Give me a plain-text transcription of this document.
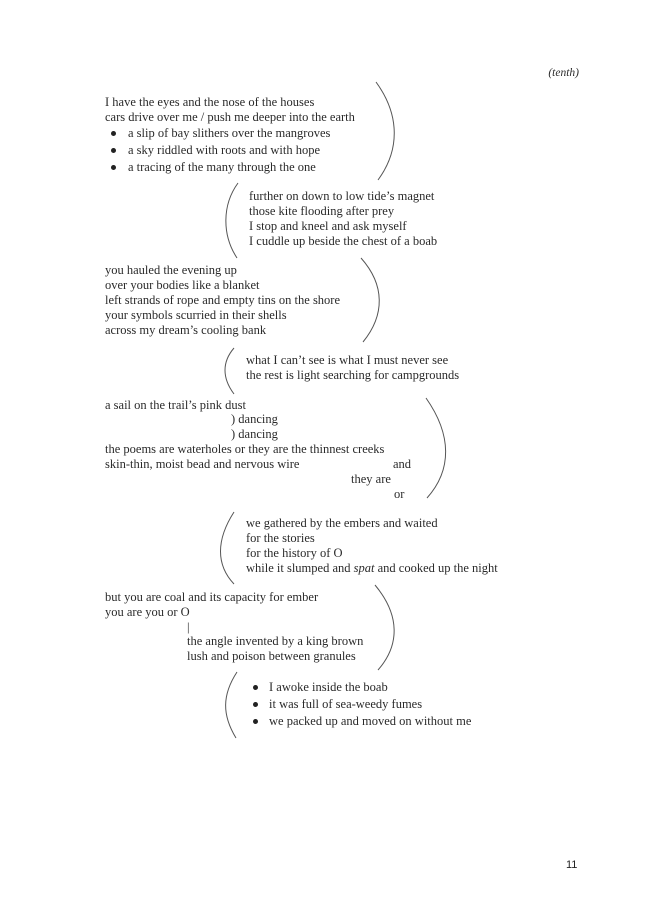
(tenth)
I have the eyes and the nose of the houses
cars drive over me / push me deeper into the earth
a slip of bay slithers over the mangroves
a sky riddled with roots and with hope
a tracing of the many through the one
further on down to low tide’s magnet
those kite flooding after prey
I stop and kneel and ask myself
I cuddle up beside the chest of a boab
you hauled the evening up
over your bodies like a blanket
left strands of rope and empty tins on the shore
your symbols scurried in their shells
across my dream’s cooling bank
what I can’t see is what I must never see
the rest is light searching for campgrounds
a sail on the trail’s pink dust
) dancing
) dancing
the poems are waterholes or they are the thinnest creeks
skin-thin, moist bead and nervous wire	and
they are
or
we gathered by the embers and waited
for the stories
for the history of O
while it slumped and spat and cooked up the night
but you are coal and its capacity for ember
you are you or O
|
the angle invented by a king brown
lush and poison between granules
I awoke inside the boab
it was full of sea-weedy fumes
we packed up and moved on without me
11
